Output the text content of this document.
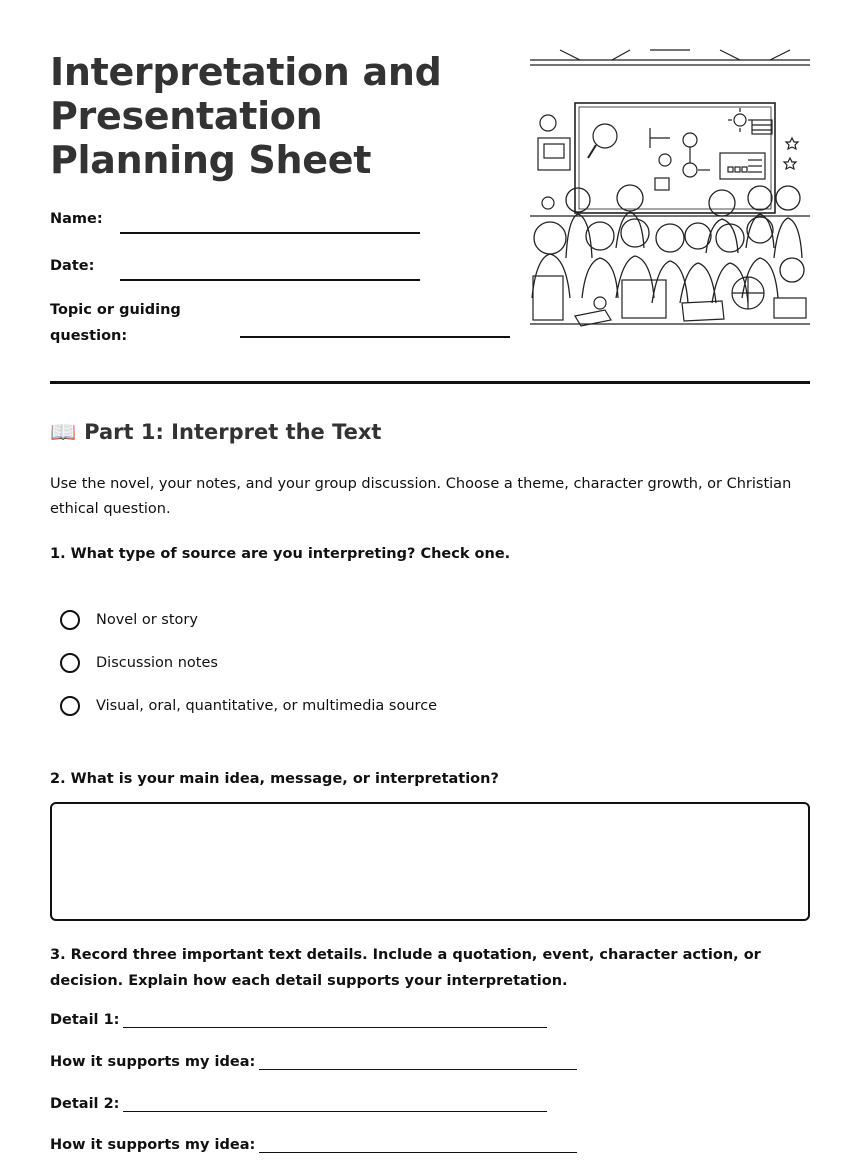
Interpretation and Presentation Planning Sheet
Name:
Date:
Topic or guiding
question:
📖 Part 1: Interpret the Text
Use the novel, your notes, and your group discussion. Choose a theme, character growth, or Christian ethical question.
1. What type of source are you interpreting? Check one.
Novel or story
Discussion notes
Visual, oral, quantitative, or multimedia source
2. What is your main idea, message, or interpretation?
3. Record three important text details. Include a quotation, event, character action, or decision. Explain how each detail supports your interpretation.
Detail 1:
How it supports my idea:
Detail 2:
How it supports my idea:
